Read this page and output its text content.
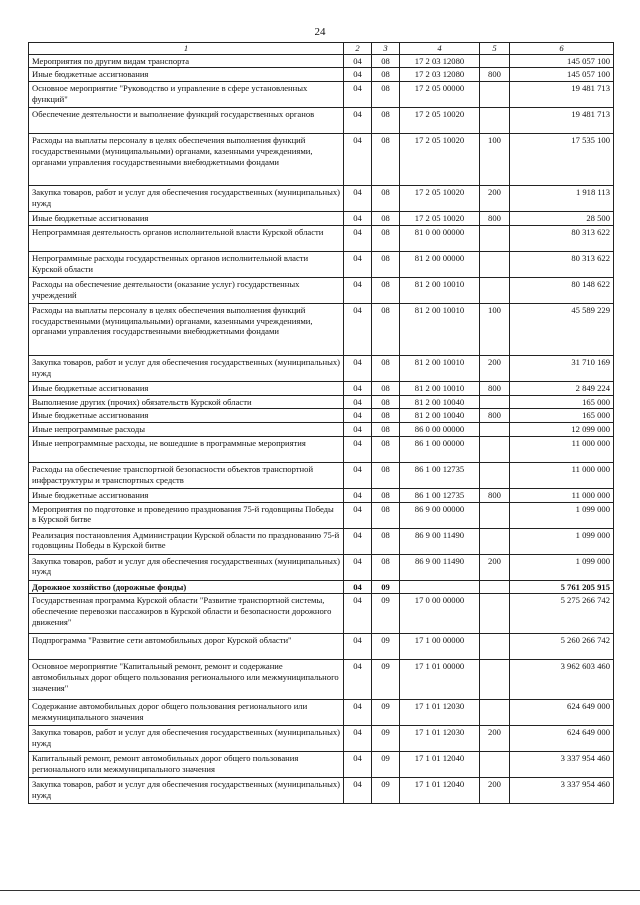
24
1	2	3	4	5	6
Мероприятия по другим видам транспорта	04	08	17 2 03 12080		145 057 100
Иные бюджетные ассигнования	04	08	17 2 03 12080	800	145 057 100
Основное мероприятие "Руководство и управление в сфере установленных функций"	04	08	17 2 05 00000		19 481 713
Обеспечение деятельности и выполнение функций государственных органов	04	08	17 2 05 10020		19 481 713
Расходы на выплаты персоналу в целях обеспечения выполнения функций государственными (муниципальными) органами, казенными учреждениями, органами управления государственными внебюджетными фондами	04	08	17 2 05 10020	100	17 535 100
Закупка товаров, работ и услуг для обеспечения государственных (муниципальных) нужд	04	08	17 2 05 10020	200	1 918 113
Иные бюджетные ассигнования	04	08	17 2 05 10020	800	28 500
Непрограммная деятельность органов исполнительной власти Курской области	04	08	81 0 00 00000		80 313 622
Непрограммные расходы государственных органов исполнительной власти Курской области	04	08	81 2 00 00000		80 313 622
Расходы на обеспечение деятельности (оказание услуг) государственных учреждений	04	08	81 2 00 10010		80 148 622
Расходы на выплаты персоналу в целях обеспечения выполнения функций государственными (муниципальными) органами, казенными учреждениями, органами управления государственными внебюджетными фондами	04	08	81 2 00 10010	100	45 589 229
Закупка товаров, работ и услуг для обеспечения государственных (муниципальных) нужд	04	08	81 2 00 10010	200	31 710 169
Иные бюджетные ассигнования	04	08	81 2 00 10010	800	2 849 224
Выполнение других (прочих) обязательств Курской области	04	08	81 2 00 10040		165 000
Иные бюджетные ассигнования	04	08	81 2 00 10040	800	165 000
Иные непрограммные расходы	04	08	86 0 00 00000		12 099 000
Иные непрограммные расходы, не вошедшие в программные мероприятия	04	08	86 1 00 00000		11 000 000
Расходы на обеспечение транспортной безопасности объектов транспортной инфраструктуры и транспортных средств	04	08	86 1 00 12735		11 000 000
Иные бюджетные ассигнования	04	08	86 1 00 12735	800	11 000 000
Мероприятия по подготовке и проведению празднования 75-й годовщины Победы в Курской битве	04	08	86 9 00 00000		1 099 000
Реализация постановления Администрации Курской области по празднованию 75-й годовщины Победы в Курской битве	04	08	86 9 00 11490		1 099 000
Закупка товаров, работ и услуг для обеспечения государственных (муниципальных) нужд	04	08	86 9 00 11490	200	1 099 000
Дорожное хозяйство (дорожные фонды)	04	09			5 761 205 915
Государственная программа Курской области "Развитие транспортной системы, обеспечение перевозки пассажиров в Курской области и безопасности дорожного движения"	04	09	17 0 00 00000		5 275 266 742
Подпрограмма "Развитие сети автомобильных дорог Курской области"	04	09	17 1 00 00000		5 260 266 742
Основное мероприятие "Капитальный ремонт, ремонт и содержание автомобильных дорог общего пользования регионального или межмуниципального значения"	04	09	17 1 01 00000		3 962 603 460
Содержание автомобильных дорог общего пользования регионального или межмуниципального значения	04	09	17 1 01 12030		624 649 000
Закупка товаров, работ и услуг для обеспечения государственных (муниципальных) нужд	04	09	17 1 01 12030	200	624 649 000
Капитальный ремонт, ремонт автомобильных дорог общего пользования регионального или межмуниципального значения	04	09	17 1 01 12040		3 337 954 460
Закупка товаров, работ и услуг для обеспечения государственных (муниципальных) нужд	04	09	17 1 01 12040	200	3 337 954 460
